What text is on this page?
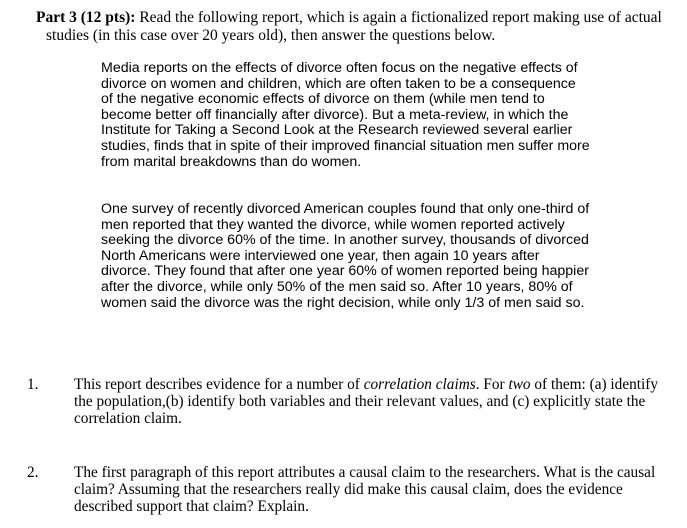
Part 3 (12 pts): Read the following report, which is again a fictionalized report making use of actual studies (in this case over 20 years old), then answer the questions below.
Media reports on the effects of divorce often focus on the negative effects of divorce on women and children, which are often taken to be a consequence of the negative economic effects of divorce on them (while men tend to become better off financially after divorce). But a meta-review, in which the Institute for Taking a Second Look at the Research reviewed several earlier studies, finds that in spite of their improved financial situation men suffer more from marital breakdowns than do women.
One survey of recently divorced American couples found that only one-third of men reported that they wanted the divorce, while women reported actively seeking the divorce 60% of the time. In another survey, thousands of divorced North Americans were interviewed one year, then again 10 years after divorce. They found that after one year 60% of women reported being happier after the divorce, while only 50% of the men said so. After 10 years, 80% of women said the divorce was the right decision, while only 1/3 of men said so.
1. This report describes evidence for a number of correlation claims. For two of them: (a) identify the population,(b) identify both variables and their relevant values, and (c) explicitly state the correlation claim.
2. The first paragraph of this report attributes a causal claim to the researchers. What is the causal claim? Assuming that the researchers really did make this causal claim, does the evidence described support that claim? Explain.
